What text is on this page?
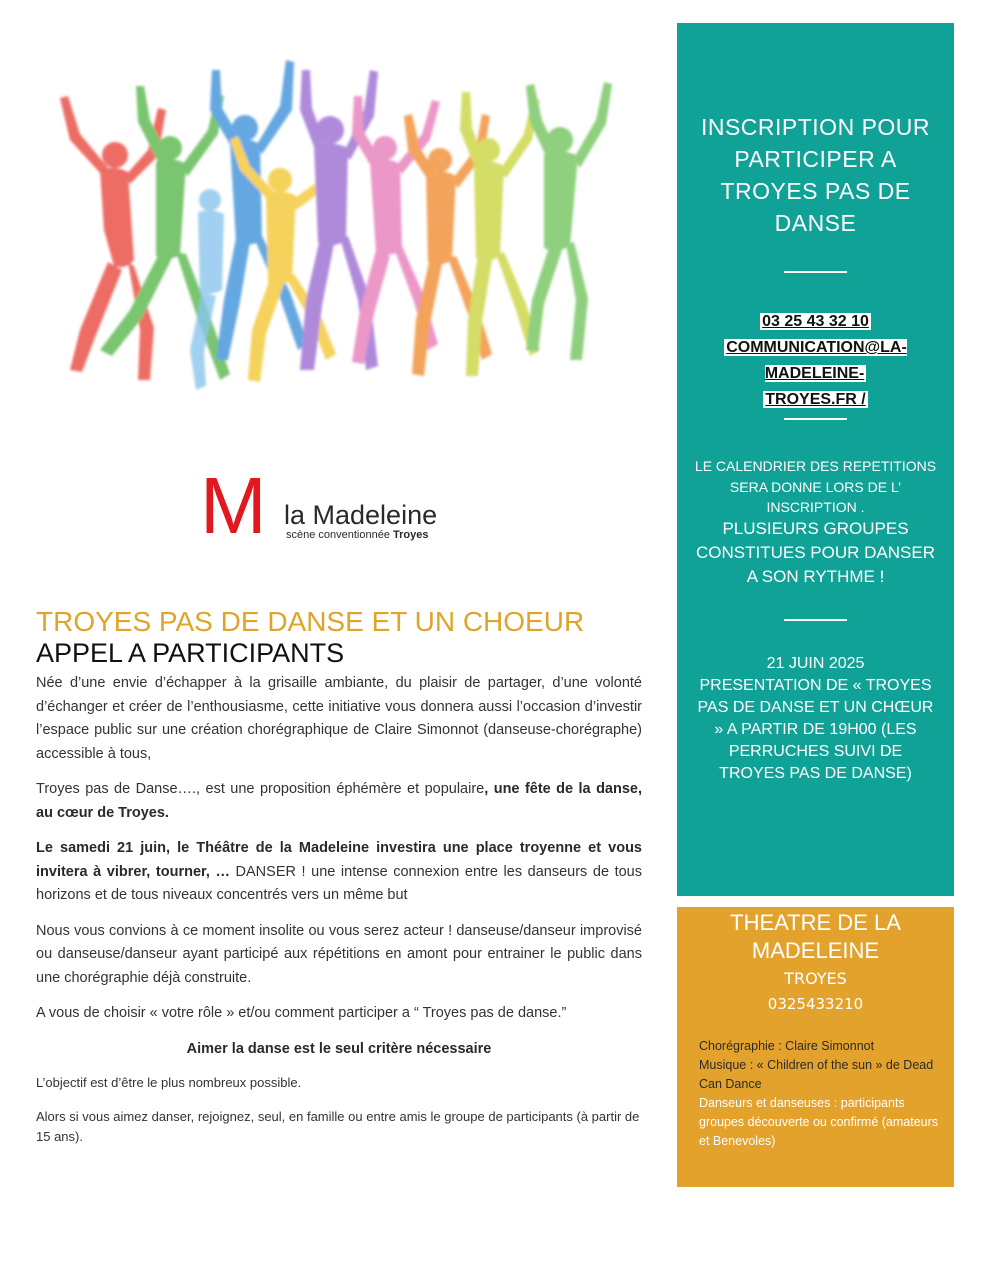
M la Madeleine
scène conventionnée Troyes
TROYES PAS DE DANSE ET UN CHOEUR
APPEL A PARTICIPANTS

Née d’une envie d’échapper à la grisaille ambiante, du plaisir de partager, d’une volonté d’échanger et créer de l’enthousiasme, cette initiative vous donnera aussi l’occasion d’investir l’espace public sur une création chorégraphique de Claire Simonnot (danseuse-chorégraphe) accessible à tous,

Troyes pas de Danse…., est une proposition éphémère et populaire, une fête de la danse, au cœur de Troyes.

Le samedi 21 juin, le Théâtre de la Madeleine investira une place troyenne et vous invitera à vibrer, tourner, … DANSER ! une intense connexion entre les danseurs de tous horizons et de tous niveaux concentrés vers un même but

Nous vous convions à ce moment insolite ou vous serez acteur ! danseuse/danseur improvisé ou danseuse/danseur ayant participé aux répétitions en amont pour entrainer le public dans une chorégraphie déjà construite.

A vous de choisir « votre rôle » et/ou comment participer a “ Troyes pas de danse.”

Aimer la danse est le seul critère nécessaire

L’objectif est d’être le plus nombreux possible.

Alors si vous aimez danser, rejoignez, seul, en famille ou entre amis le groupe de participants (à partir de 15 ans).

INSCRIPTION POUR PARTICIPER A TROYES PAS DE DANSE
03 25 43 32 10
COMMUNICATION@LA-MADELEINE-
TROYES.FR /
LE CALENDRIER DES REPETITIONS SERA DONNE LORS DE L’ INSCRIPTION .
PLUSIEURS GROUPES CONSTITUES POUR DANSER A SON RYTHME !
21 JUIN 2025
PRESENTATION DE « TROYES PAS DE DANSE ET UN CHŒUR » A PARTIR DE 19H00 (LES PERRUCHES SUIVI DE TROYES PAS DE DANSE)
THEATRE DE LA MADELEINE
TROYES
0325433210
Chorégraphie : Claire Simonnot
Musique : « Children of the sun » de Dead Can Dance
Danseurs et danseuses : participants groupes découverte ou confirmé (amateurs et Benevoles)
